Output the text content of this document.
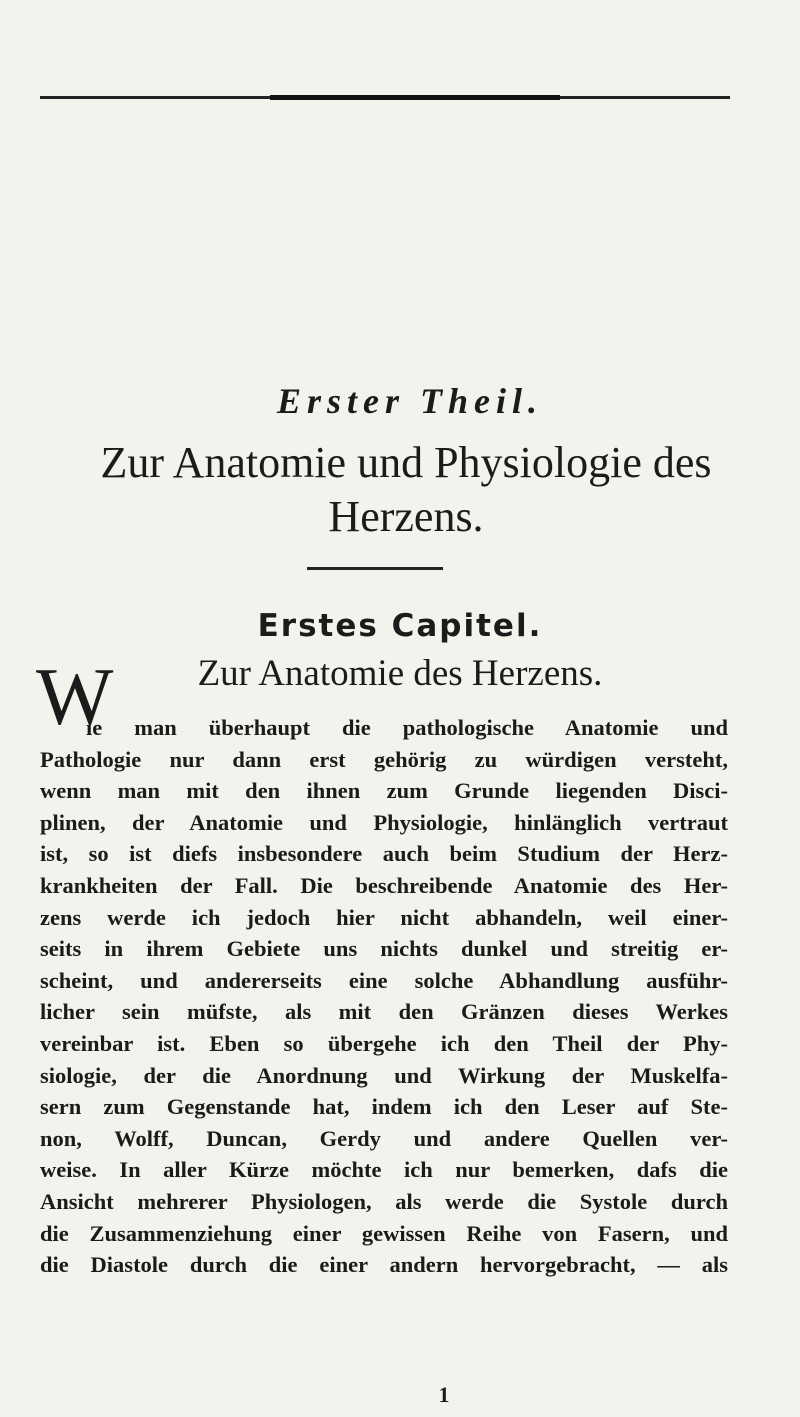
Erster Theil.
Zur Anatomie und Physiologie des
Herzens.
Erstes Capitel.
Zur Anatomie des Herzens.
W
ie man überhaupt die pathologische Anatomie und
Pathologie nur dann erst gehörig zu würdigen versteht,
wenn man mit den ihnen zum Grunde liegenden Disci-
plinen, der Anatomie und Physiologie, hinlänglich vertraut
ist, so ist diefs insbesondere auch beim Studium der Herz-
krankheiten der Fall. Die beschreibende Anatomie des Her-
zens werde ich jedoch hier nicht abhandeln, weil einer-
seits in ihrem Gebiete uns nichts dunkel und streitig er-
scheint, und andererseits eine solche Abhandlung ausführ-
licher sein müfste, als mit den Gränzen dieses Werkes
vereinbar ist. Eben so übergehe ich den Theil der Phy-
siologie, der die Anordnung und Wirkung der Muskelfa-
sern zum Gegenstande hat, indem ich den Leser auf Ste-
non, Wolff, Duncan, Gerdy und andere Quellen ver-
weise. In aller Kürze möchte ich nur bemerken, dafs die
Ansicht mehrerer Physiologen, als werde die Systole durch
die Zusammenziehung einer gewissen Reihe von Fasern, und
die Diastole durch die einer andern hervorgebracht, — als
1
